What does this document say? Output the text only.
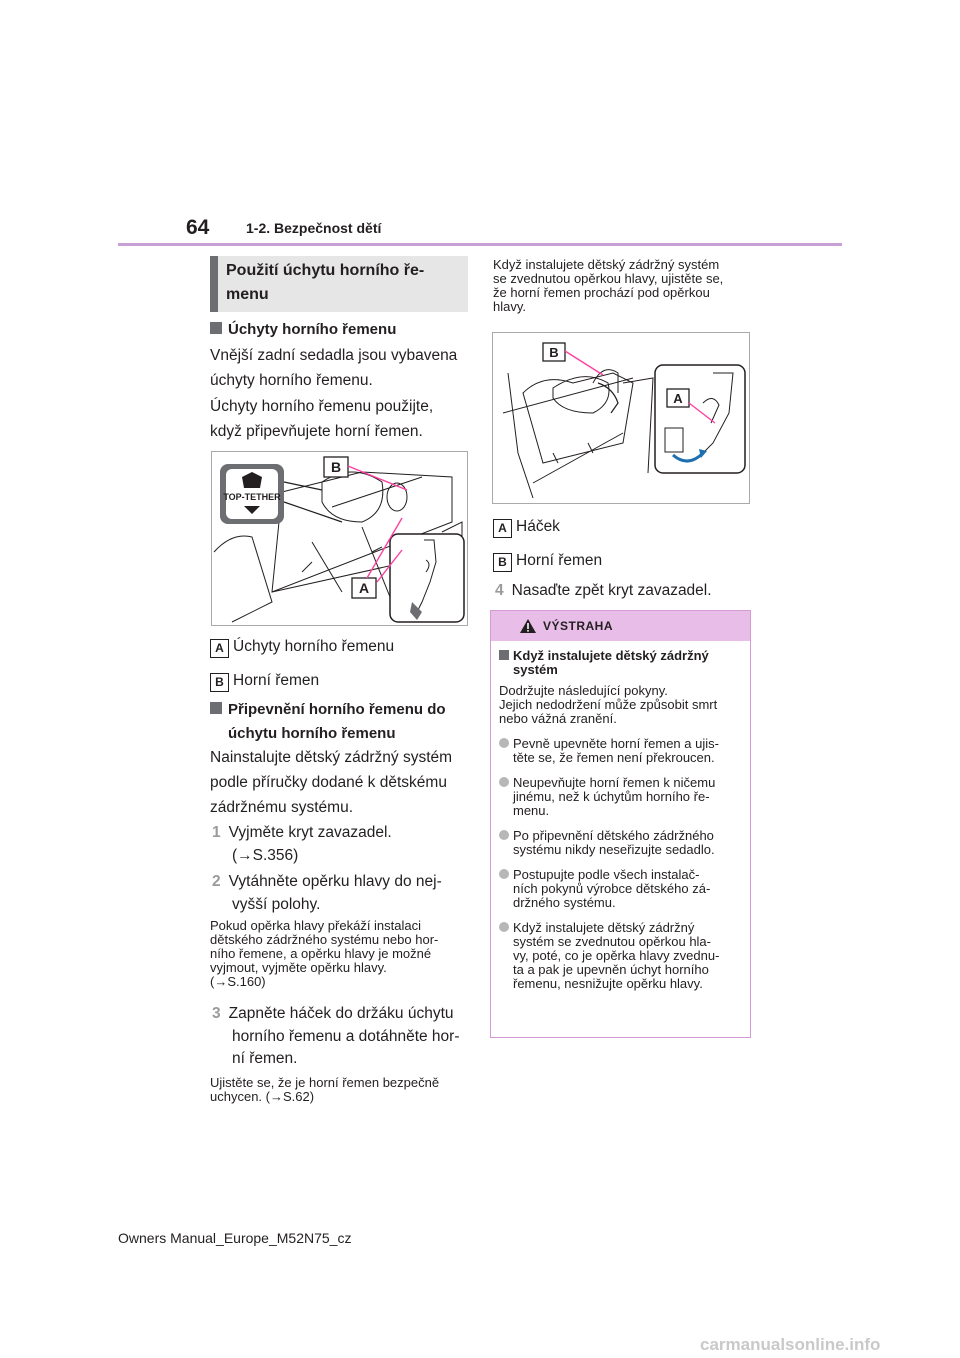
64	1-2. Bezpečnost dětí
Použití úchytu horního ře-menu
Úchyty horního řemenu
Vnější zadní sedadla jsou vybavena
úchyty horního řemenu.
Úchyty horního řemenu použijte,
když připevňujete horní řemen.
TOP-TETHER
B
A
A Úchyty horního řemenu
B Horní řemen
Připevnění horního řemenu do
úchytu horního řemenu
Nainstalujte dětský zádržný systém
podle příručky dodané k dětskému
zádržnému systému.
1 Vyjměte kryt zavazadel.
(→S.356)
2 Vytáhněte opěrku hlavy do nej-
vyšší polohy.
Pokud opěrka hlavy překáží instalaci
dětského zádržného systému nebo hor-
ního řemene, a opěrku hlavy je možné
vyjmout, vyjměte opěrku hlavy.
(→S.160)
3 Zapněte háček do držáku úchytu
horního řemenu a dotáhněte hor-
ní řemen.
Ujistěte se, že je horní řemen bezpečně
uchycen. (→S.62)
Když instalujete dětský zádržný systém
se zvednutou opěrkou hlavy, ujistěte se,
že horní řemen prochází pod opěrkou
hlavy.
B
A
A Háček
B Horní řemen
4 Nasaďte zpět kryt zavazadel.
VÝSTRAHA
Když instalujete dětský zádržný
systém
Dodržujte následující pokyny.
Jejich nedodržení může způsobit smrt
nebo vážná zranění.
Pevně upevněte horní řemen a ujis-
těte se, že řemen není překroucen.
Neupevňujte horní řemen k ničemu
jinému, než k úchytům horního ře-
menu.
Po připevnění dětského zádržného
systému nikdy neseřizujte sedadlo.
Postupujte podle všech instalač-
ních pokynů výrobce dětského zá-
držného systému.
Když instalujete dětský zádržný
systém se zvednutou opěrkou hla-
vy, poté, co je opěrka hlavy zvednu-
ta a pak je upevněn úchyt horního
řemenu, nesnižujte opěrku hlavy.
Owners Manual_Europe_M52N75_cz
carmanualsonline.info
